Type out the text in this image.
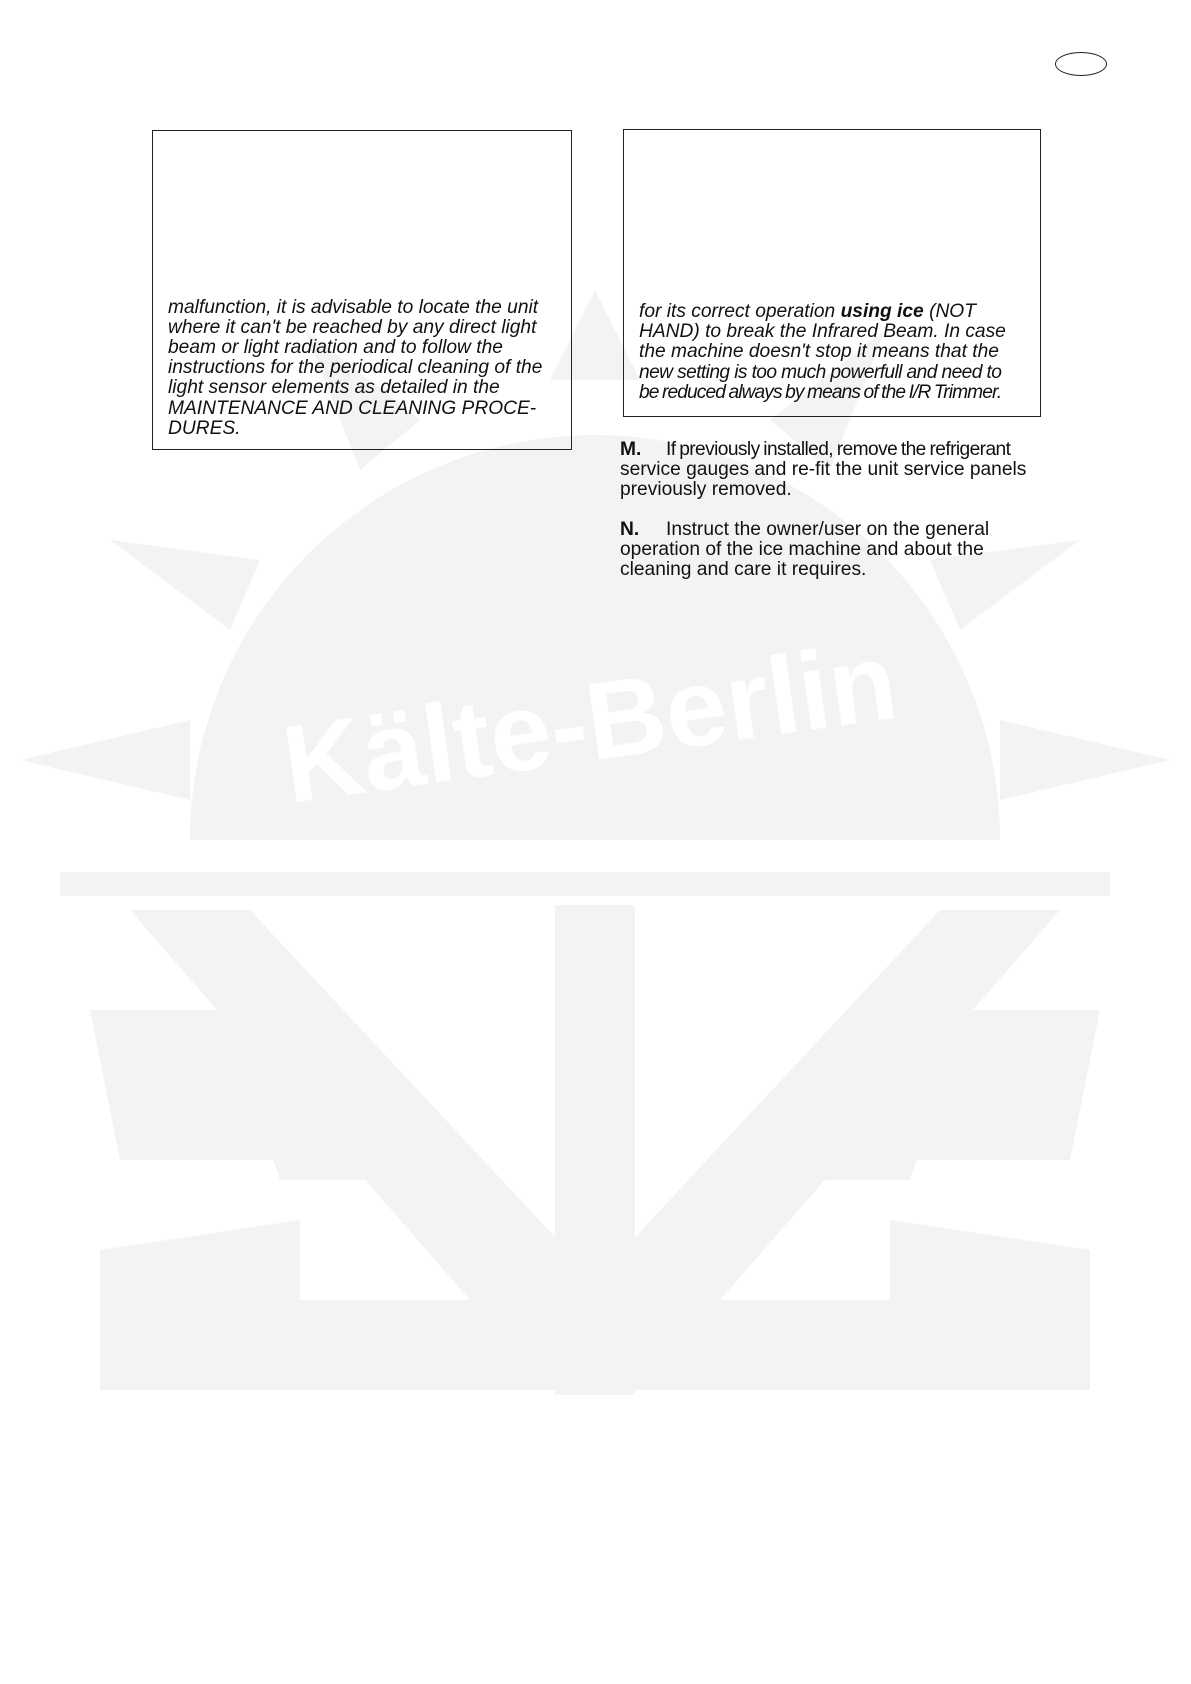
Kälte-Berlin

malfunction, it is advisable to locate the unit
where it can't be reached by any direct light
beam or light radiation and to follow the
instructions for the periodical cleaning of the
light sensor elements as detailed in the
MAINTENANCE AND CLEANING PROCE-
DURES.

for its correct operation using ice (NOT
HAND) to break the Infrared Beam. In case
the machine doesn't stop it means that the
new setting is too much powerfull and need to
be reduced always by means of the I/R Trimmer.

M. If previously installed, remove the refrigerant
service gauges and re-fit the unit service panels
previously removed.

N. Instruct the owner/user on the general
operation of the ice machine and about the
cleaning and care it requires.
